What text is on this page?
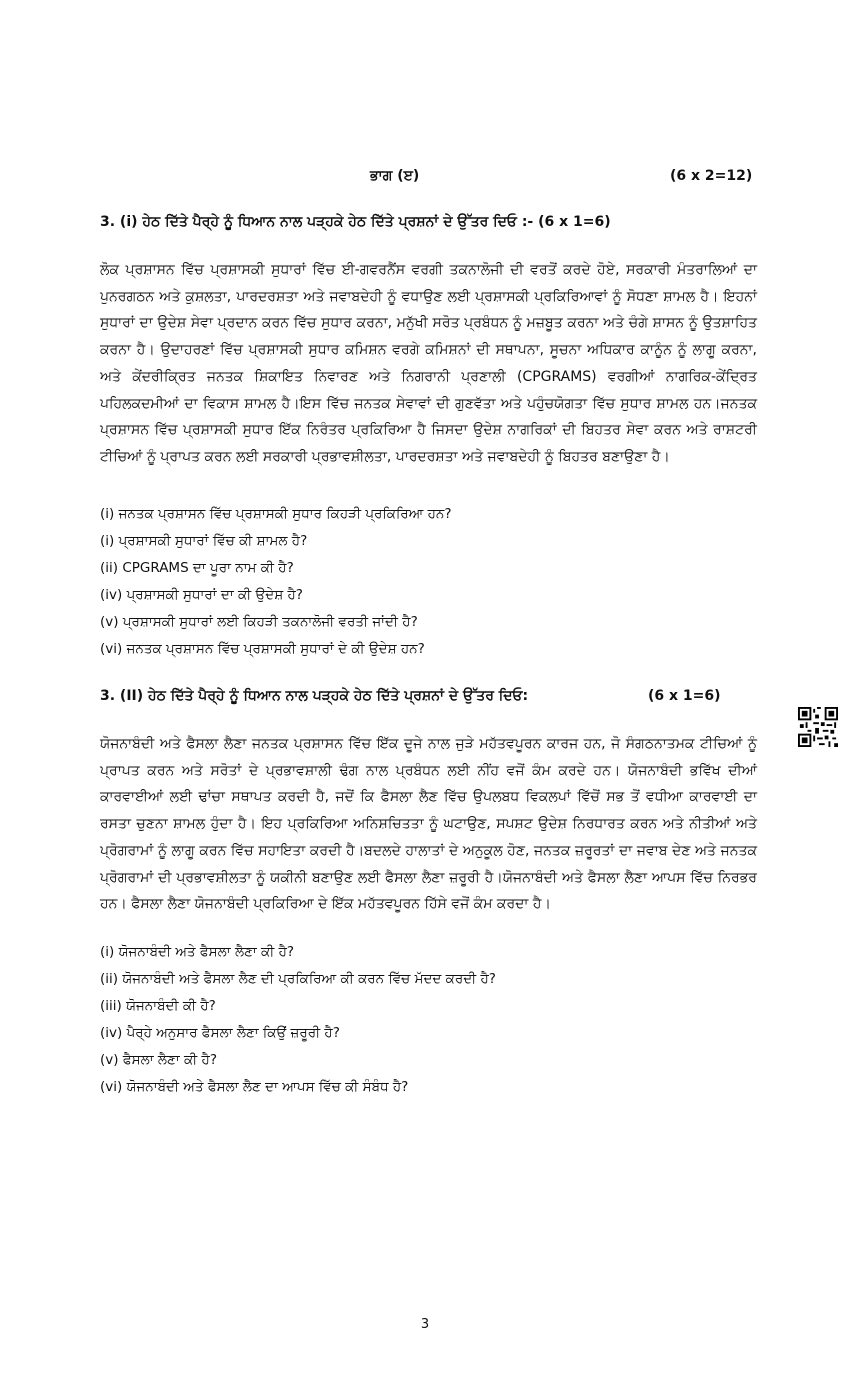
ਭਾਗ (ੲ)	(6 x 2=12)
3. (i) ਹੇਠ ਦਿੱਤੇ ਪੈਰ੍ਹੇ ਨੂੰ ਧਿਆਨ ਨਾਲ ਪੜ੍ਹਕੇ ਹੇਠ ਦਿੱਤੇ ਪ੍ਰਸ਼ਨਾਂ ਦੇ ਉੱਤਰ ਦਿਓ :- (6 x 1=6)

ਲੋਕ ਪ੍ਰਸ਼ਾਸਨ ਵਿੱਚ ਪ੍ਰਸ਼ਾਸਕੀ ਸੁਧਾਰਾਂ ਵਿੱਚ ਈ-ਗਵਰਨੈਂਸ ਵਰਗੀ ਤਕਨਾਲੋਜੀ ਦੀ ਵਰਤੋਂ ਕਰਦੇ ਹੋਏ, ਸਰਕਾਰੀ ਮੰਤਰਾਲਿਆਂ ਦਾ ਪੁਨਰਗਠਨ ਅਤੇ ਕੁਸ਼ਲਤਾ, ਪਾਰਦਰਸ਼ਤਾ ਅਤੇ ਜਵਾਬਦੇਹੀ ਨੂੰ ਵਧਾਉਣ ਲਈ ਪ੍ਰਸ਼ਾਸਕੀ ਪ੍ਰਕਿਰਿਆਵਾਂ ਨੂੰ ਸੋਧਣਾ ਸ਼ਾਮਲ ਹੈ। ਇਹਨਾਂ ਸੁਧਾਰਾਂ ਦਾ ਉਦੇਸ਼ ਸੇਵਾ ਪ੍ਰਦਾਨ ਕਰਨ ਵਿੱਚ ਸੁਧਾਰ ਕਰਨਾ, ਮਨੁੱਖੀ ਸਰੋਤ ਪ੍ਰਬੰਧਨ ਨੂੰ ਮਜ਼ਬੂਤ ਕਰਨਾ ਅਤੇ ਚੰਗੇ ਸ਼ਾਸਨ ਨੂੰ ਉਤਸ਼ਾਹਿਤ ਕਰਨਾ ਹੈ। ਉਦਾਹਰਣਾਂ ਵਿੱਚ ਪ੍ਰਸ਼ਾਸਕੀ ਸੁਧਾਰ ਕਮਿਸ਼ਨ ਵਰਗੇ ਕਮਿਸ਼ਨਾਂ ਦੀ ਸਥਾਪਨਾ, ਸੂਚਨਾ ਅਧਿਕਾਰ ਕਾਨੂੰਨ ਨੂੰ ਲਾਗੂ ਕਰਨਾ, ਅਤੇ ਕੇਂਦਰੀਕ੍ਰਿਤ ਜਨਤਕ ਸ਼ਿਕਾਇਤ ਨਿਵਾਰਣ ਅਤੇ ਨਿਗਰਾਨੀ ਪ੍ਰਣਾਲੀ (CPGRAMS) ਵਰਗੀਆਂ ਨਾਗਰਿਕ-ਕੇਂਦ੍ਰਿਤ ਪਹਿਲਕਦਮੀਆਂ ਦਾ ਵਿਕਾਸ ਸ਼ਾਮਲ ਹੈ।ਇਸ ਵਿੱਚ ਜਨਤਕ ਸੇਵਾਵਾਂ ਦੀ ਗੁਣਵੱਤਾ ਅਤੇ ਪਹੁੰਚਯੋਗਤਾ ਵਿੱਚ ਸੁਧਾਰ ਸ਼ਾਮਲ ਹਨ।ਜਨਤਕ ਪ੍ਰਸ਼ਾਸਨ ਵਿੱਚ ਪ੍ਰਸ਼ਾਸਕੀ ਸੁਧਾਰ ਇੱਕ ਨਿਰੰਤਰ ਪ੍ਰਕਿਰਿਆ ਹੈ ਜਿਸਦਾ ਉਦੇਸ਼ ਨਾਗਰਿਕਾਂ ਦੀ ਬਿਹਤਰ ਸੇਵਾ ਕਰਨ ਅਤੇ ਰਾਸ਼ਟਰੀ ਟੀਚਿਆਂ ਨੂੰ ਪ੍ਰਾਪਤ ਕਰਨ ਲਈ ਸਰਕਾਰੀ ਪ੍ਰਭਾਵਸ਼ੀਲਤਾ, ਪਾਰਦਰਸ਼ਤਾ ਅਤੇ ਜਵਾਬਦੇਹੀ ਨੂੰ ਬਿਹਤਰ ਬਣਾਉਣਾ ਹੈ।

(i) ਜਨਤਕ ਪ੍ਰਸ਼ਾਸਨ ਵਿੱਚ ਪ੍ਰਸ਼ਾਸਕੀ ਸੁਧਾਰ ਕਿਹੜੀ ਪ੍ਰਕਿਰਿਆ ਹਨ?
(i) ਪ੍ਰਸ਼ਾਸਕੀ ਸੁਧਾਰਾਂ ਵਿੱਚ ਕੀ ਸ਼ਾਮਲ ਹੈ?
(ii) CPGRAMS ਦਾ ਪੂਰਾ ਨਾਮ ਕੀ ਹੈ?
(iv) ਪ੍ਰਸ਼ਾਸਕੀ ਸੁਧਾਰਾਂ ਦਾ ਕੀ ਉਦੇਸ਼ ਹੈ?
(v) ਪ੍ਰਸ਼ਾਸਕੀ ਸੁਧਾਰਾਂ ਲਈ ਕਿਹੜੀ ਤਕਨਾਲੋਜੀ ਵਰਤੀ ਜਾਂਦੀ ਹੈ?
(vi) ਜਨਤਕ ਪ੍ਰਸ਼ਾਸਨ ਵਿੱਚ ਪ੍ਰਸ਼ਾਸਕੀ ਸੁਧਾਰਾਂ ਦੇ ਕੀ ਉਦੇਸ਼ ਹਨ?
3. (II) ਹੇਠ ਦਿੱਤੇ ਪੈਰ੍ਹੇ ਨੂੰ ਧਿਆਨ ਨਾਲ ਪੜ੍ਹਕੇ ਹੇਠ ਦਿੱਤੇ ਪ੍ਰਸ਼ਨਾਂ ਦੇ ਉੱਤਰ ਦਿਓ:	(6 x 1=6)

ਯੋਜਨਾਬੰਦੀ ਅਤੇ ਫੈਸਲਾ ਲੈਣਾ ਜਨਤਕ ਪ੍ਰਸ਼ਾਸਨ ਵਿੱਚ ਇੱਕ ਦੂਜੇ ਨਾਲ ਜੁੜੇ ਮਹੱਤਵਪੂਰਨ ਕਾਰਜ ਹਨ, ਜੋ ਸੰਗਠਨਾਤਮਕ ਟੀਚਿਆਂ ਨੂੰ ਪ੍ਰਾਪਤ ਕਰਨ ਅਤੇ ਸਰੋਤਾਂ ਦੇ ਪ੍ਰਭਾਵਸ਼ਾਲੀ ਢੰਗ ਨਾਲ ਪ੍ਰਬੰਧਨ ਲਈ ਨੀਂਹ ਵਜੋਂ ਕੰਮ ਕਰਦੇ ਹਨ। ਯੋਜਨਾਬੰਦੀ ਭਵਿੱਖ ਦੀਆਂ ਕਾਰਵਾਈਆਂ ਲਈ ਢਾਂਚਾ ਸਥਾਪਤ ਕਰਦੀ ਹੈ, ਜਦੋਂ ਕਿ ਫੈਸਲਾ ਲੈਣ ਵਿੱਚ ਉਪਲਬਧ ਵਿਕਲਪਾਂ ਵਿੱਚੋਂ ਸਭ ਤੋਂ ਵਧੀਆ ਕਾਰਵਾਈ ਦਾ ਰਸਤਾ ਚੁਣਨਾ ਸ਼ਾਮਲ ਹੁੰਦਾ ਹੈ। ਇਹ ਪ੍ਰਕਿਰਿਆ ਅਨਿਸ਼ਚਿਤਤਾ ਨੂੰ ਘਟਾਉਣ, ਸਪਸ਼ਟ ਉਦੇਸ਼ ਨਿਰਧਾਰਤ ਕਰਨ ਅਤੇ ਨੀਤੀਆਂ ਅਤੇ ਪ੍ਰੋਗਰਾਮਾਂ ਨੂੰ ਲਾਗੂ ਕਰਨ ਵਿੱਚ ਸਹਾਇਤਾ ਕਰਦੀ ਹੈ।ਬਦਲਦੇ ਹਾਲਾਤਾਂ ਦੇ ਅਨੁਕੂਲ ਹੋਣ, ਜਨਤਕ ਜ਼ਰੂਰਤਾਂ ਦਾ ਜਵਾਬ ਦੇਣ ਅਤੇ ਜਨਤਕ ਪ੍ਰੋਗਰਾਮਾਂ ਦੀ ਪ੍ਰਭਾਵਸ਼ੀਲਤਾ ਨੂੰ ਯਕੀਨੀ ਬਣਾਉਣ ਲਈ ਫੈਸਲਾ ਲੈਣਾ ਜ਼ਰੂਰੀ ਹੈ।ਯੋਜਨਾਬੰਦੀ ਅਤੇ ਫੈਸਲਾ ਲੈਣਾ ਆਪਸ ਵਿੱਚ ਨਿਰਭਰ ਹਨ। ਫੈਸਲਾ ਲੈਣਾ ਯੋਜਨਾਬੰਦੀ ਪ੍ਰਕਿਰਿਆ ਦੇ ਇੱਕ ਮਹੱਤਵਪੂਰਨ ਹਿੱਸੇ ਵਜੋਂ ਕੰਮ ਕਰਦਾ ਹੈ।

(i) ਯੋਜਨਾਬੰਦੀ ਅਤੇ ਫੈਸਲਾ ਲੈਣਾ ਕੀ ਹੈ?
(ii) ਯੋਜਨਾਬੰਦੀ ਅਤੇ ਫੈਸਲਾ ਲੈਣ ਦੀ ਪ੍ਰਕਿਰਿਆ ਕੀ ਕਰਨ ਵਿੱਚ ਮੱਦਦ ਕਰਦੀ ਹੈ?
(iii) ਯੋਜਨਾਬੰਦੀ ਕੀ ਹੈ?
(iv) ਪੈਰ੍ਹੇ ਅਨੁਸਾਰ ਫੈਸਲਾ ਲੈਣਾ ਕਿਉਂ ਜ਼ਰੂਰੀ ਹੈ?
(v) ਫੈਸਲਾ ਲੈਣਾ ਕੀ ਹੈ?
(vi) ਯੋਜਨਾਬੰਦੀ ਅਤੇ ਫੈਸਲਾ ਲੈਣ ਦਾ ਆਪਸ ਵਿੱਚ ਕੀ ਸੰਬੰਧ ਹੈ?
3
